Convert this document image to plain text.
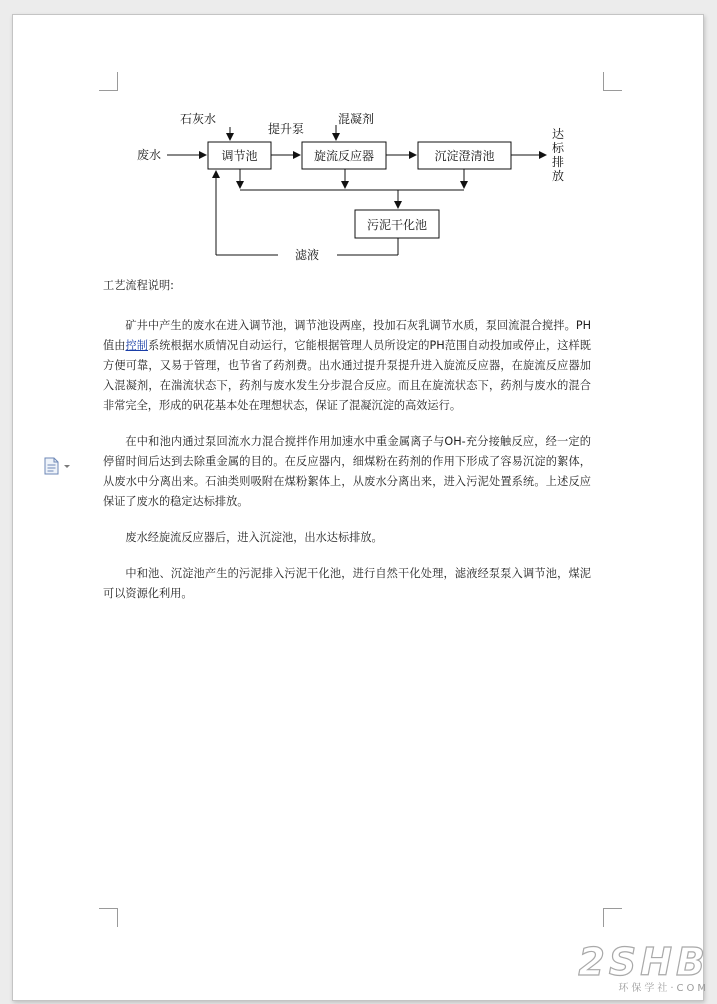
石灰水
提升泵
混凝剂
废水	调节池	旋流反应器	沉淀澄清池
污泥干化池
滤液
达
标
排
放

工艺流程说明:

矿井中产生的废水在进入调节池，调节池设两座，投加石灰乳调节水质，泵回流混合搅拌。PH值由控制系统根据水质情况自动运行，它能根据管理人员所设定的PH范围自动投加或停止，这样既方便可靠，又易于管理，也节省了药剂费。出水通过提升泵提升进入旋流反应器，在旋流反应器加入混凝剂，在湍流状态下，药剂与废水发生分步混合反应。而且在旋流状态下，药剂与废水的混合非常完全，形成的矾花基本处在理想状态，保证了混凝沉淀的高效运行。

在中和池内通过泵回流水力混合搅拌作用加速水中重金属离子与OH-充分接触反应，经一定的停留时间后达到去除重金属的目的。在反应器内，细煤粉在药剂的作用下形成了容易沉淀的絮体，从废水中分离出来。石油类则吸附在煤粉絮体上，从废水分离出来，进入污泥处置系统。上述反应保证了废水的稳定达标排放。

废水经旋流反应器后，进入沉淀池，出水达标排放。

中和池、沉淀池产生的污泥排入污泥干化池，进行自然干化处理，滤液经泵泵入调节池，煤泥可以资源化利用。

2SHB
环保学社·COM
